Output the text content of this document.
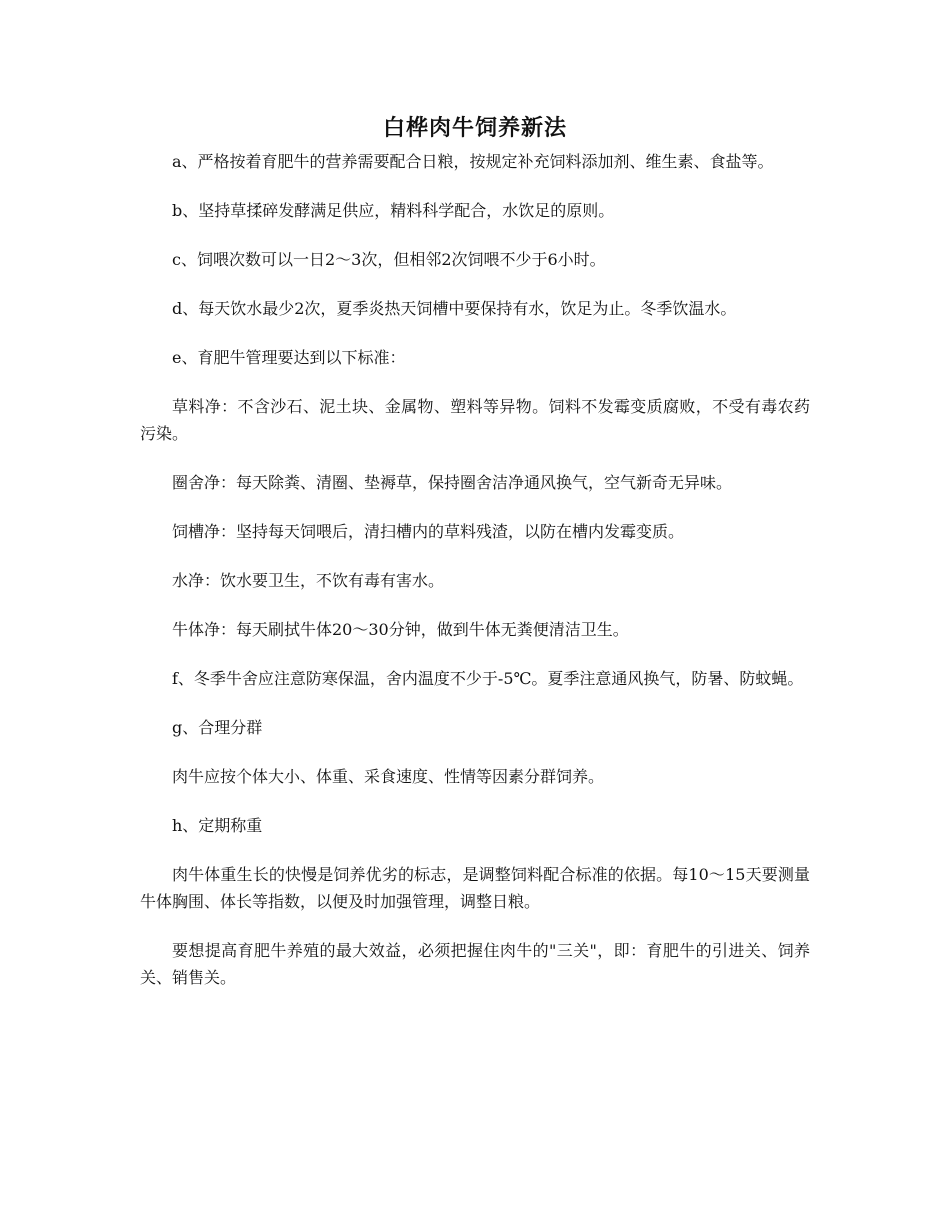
白桦肉牛饲养新法

a、严格按着育肥牛的营养需要配合日粮，按规定补充饲料添加剂、维生素、食盐等。

b、坚持草揉碎发酵满足供应，精料科学配合，水饮足的原则。

c、饲喂次数可以一日2～3次，但相邻2次饲喂不少于6小时。

d、每天饮水最少2次，夏季炎热天饲槽中要保持有水，饮足为止。冬季饮温水。

e、育肥牛管理要达到以下标准：

草料净：不含沙石、泥土块、金属物、塑料等异物。饲料不发霉变质腐败，不受有毒农药污染。

圈舍净：每天除粪、清圈、垫褥草，保持圈舍洁净通风换气，空气新奇无异味。

饲槽净：坚持每天饲喂后，清扫槽内的草料残渣，以防在槽内发霉变质。

水净：饮水要卫生，不饮有毒有害水。

牛体净：每天刷拭牛体20～30分钟，做到牛体无粪便清洁卫生。

f、冬季牛舍应注意防寒保温，舍内温度不少于-5℃。夏季注意通风换气，防暑、防蚊蝇。

g、合理分群

肉牛应按个体大小、体重、采食速度、性情等因素分群饲养。

h、定期称重

肉牛体重生长的快慢是饲养优劣的标志，是调整饲料配合标准的依据。每10～15天要测量牛体胸围、体长等指数，以便及时加强管理，调整日粮。

要想提高育肥牛养殖的最大效益，必须把握住肉牛的"三关"，即：育肥牛的引进关、饲养关、销售关。
